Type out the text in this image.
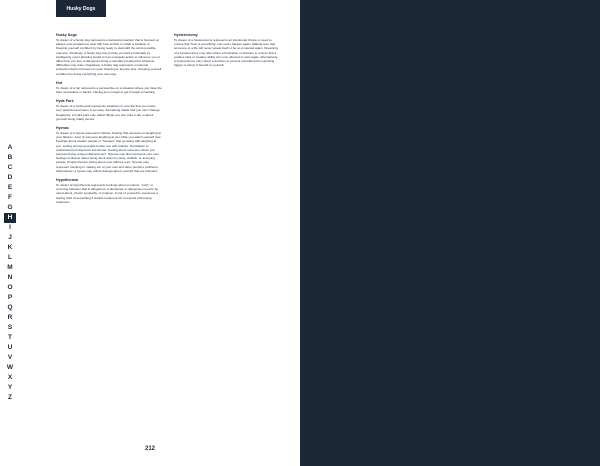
Husky Dogs
A
B
C
D
E
F
G
H
I
J
K
L
M
N
O
P
Q
R
S
T
U
V
W
X
Y
Z
Husky Dogs
To dream of a husky dog represents emotional protection that is focused on always over-prepared to deal with how terrible or unfair a situation is. Keeping yourself confident by being ready to deal with the worst possible outcome. Positively, a husky dog may portray yourself emotionally by intelligently never allowing stupid or less-energetic action to influence you or affect how you feel. A dangerous thing a naturally prepared for whatever difficulties may arise. Negatively, a husky dog represents emotional protection that is focused on never listening to anyone else. Keeping yourself confident by doing everything your own way.
Hut
To dream of a hut represents a perspective on a situation where you have the bare necessities or basics. Having just enough to get through something.
Hyde Park
To dream of a hydra park represents situations in your life that you notice very powerful and seem to go easy. Something stable that you can't change. Negatively, a hydra park may reflect things you don't like in life or about yourself being totally secure.
Hyenas
To dream of a hyena represents ridicule. Feeling that someone is laughing at your failures. Fear of someone laughing at you while you watch yourself lose. Feelings about weaker people or "hangers" that go along with laughing at you. Letting annoying people bother you with ridicule. Humiliation or embarrassment that feels intentional. Feeling about someone whom you perceive being a big embarrassment. Hyenas may also represent your own feelings of shame about being stuck down by petty, childish, or annoying people. People that are joking about your failures a lot. Hyenas may represent mocking or making fun of your own and other people's problems. Alternatively, a hyena may reflect feelings about yourself that are ridiculed.
Hypothermia
To dream of hypothermia represents feelings about emotions, "cold," or recurring behavior that is dangerous. A desperate or dangerous need to be cared about, shown sympathy, or forgiven. A risk of yourself to overcome a feeling hard at something if terrible treatment isn't received with loving treatment.
Hysterectomy
To dream of a hysterectomy represents an intentional choice or need to ensure that "fear of something" can never happen again. Making sure that someone or a life will never repeat itself or be so protected again. Dreaming of a hysterectomy may also reflect a frustration or decision to ensure that a positive idea or creative ability isn't ever allowed to exist again. Alternatively, a hysterectomy may reflect a decision to prevent something from growing bigger or being of benefit to yourself.
212
